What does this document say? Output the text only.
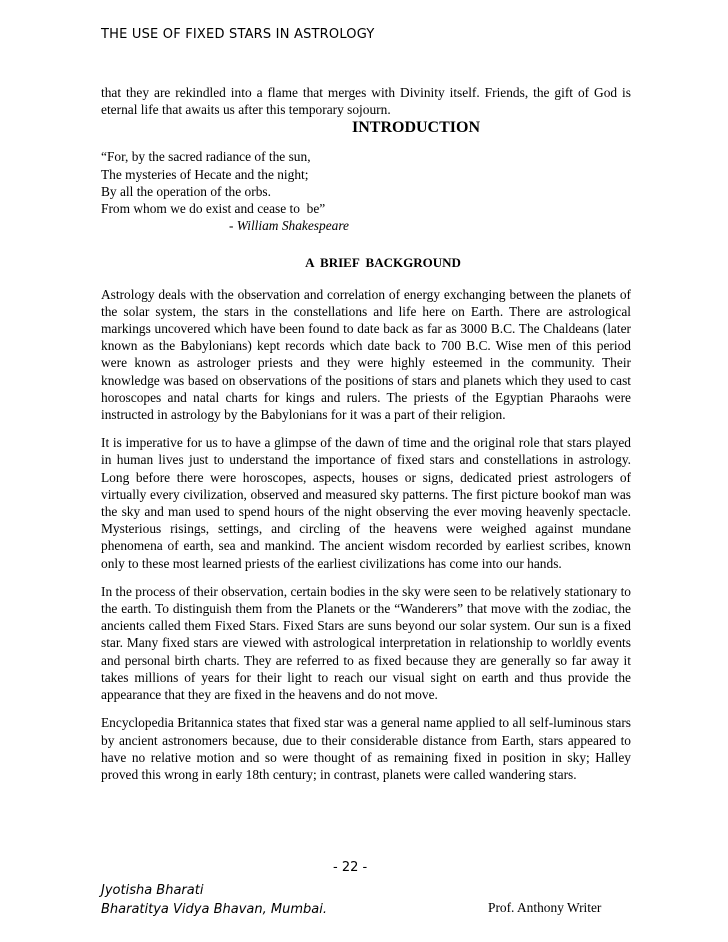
THE USE OF FIXED STARS IN ASTROLOGY

that they are rekindled into a flame that merges with Divinity itself. Friends, the gift of God is eternal life that awaits us after this temporary sojourn.

INTRODUCTION
“For, by the sacred radiance of the sun,
The mysteries of Hecate and the night;
By all the operation of the orbs.
From whom we do exist and cease to  be”
- William Shakespeare
A BRIEF BACKGROUND

Astrology deals with the observation and correlation of energy exchanging between the planets of the solar system, the stars in the constellations and life here on Earth. There are astrological markings uncovered which have been found to date back as far as 3000 B.C. The Chaldeans (later known as the Babylonians) kept records which date back to 700 B.C. Wise men of this period were known as astrologer priests and they were highly esteemed in the community. Their knowledge was based on observations of the positions of stars and planets which they used to cast horoscopes and natal charts for kings and rulers. The priests of the Egyptian Pharaohs were instructed in astrology by the Babylonians for it was a part of their religion.

It is imperative for us to have a glimpse of the dawn of time and the original role that stars played in human lives just to understand the importance of fixed stars and constellations in astrology. Long before there were horoscopes, aspects, houses or signs, dedicated priest astrologers of virtually every civilization, observed and measured sky patterns. The first picture bookof man was the sky and man used to spend hours of the night observing the ever moving heavenly spectacle. Mysterious risings, settings, and circling of the heavens were weighed against mundane phenomena of earth, sea and mankind. The ancient wisdom recorded by earliest scribes, known only to these most learned priests of the earliest civilizations has come into our hands.

In the process of their observation, certain bodies in the sky were seen to be relatively stationary to the earth. To distinguish them from the Planets or the “Wanderers” that move with the zodiac, the ancients called them Fixed Stars. Fixed Stars are suns beyond our solar system. Our sun is a fixed star. Many fixed stars are viewed with astrological interpretation in relationship to worldly events and personal birth charts. They are referred to as fixed because they are generally so far away it takes millions of years for their light to reach our visual sight on earth and thus provide the appearance that they are fixed in the heavens and do not move.

Encyclopedia Britannica states that fixed star was a general name applied to all self-luminous stars by ancient astronomers because, due to their considerable distance from Earth, stars appeared to have no relative motion and so were thought of as remaining fixed in position in sky; Halley proved this wrong in early 18th century; in contrast, planets were called wandering stars.

- 22 -
Jyotisha Bharati
Bharatitya Vidya Bhavan, Mumbai.	Prof. Anthony Writer
